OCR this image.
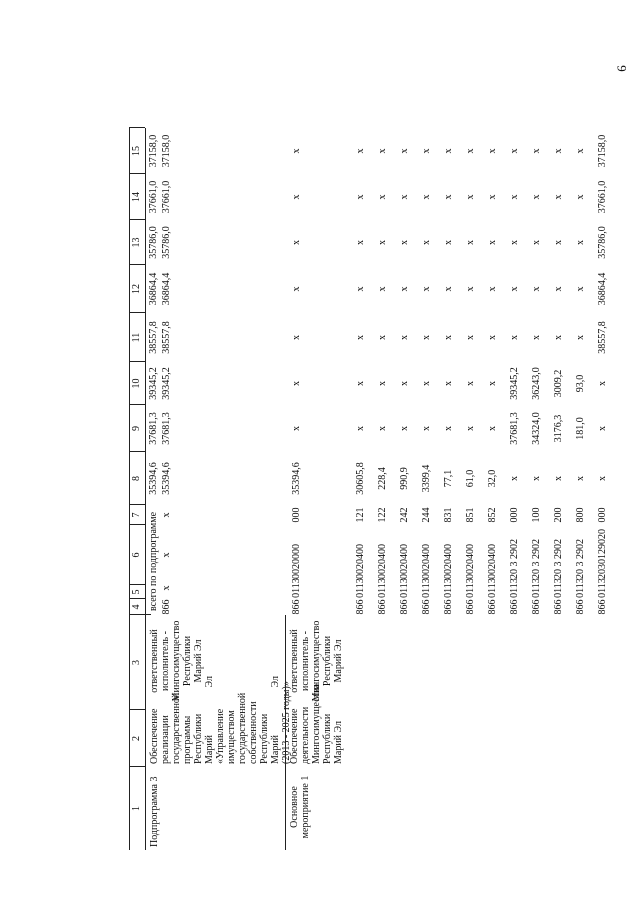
9
1
2
3
4
5
6
7
8
9
10
11
12
13
14
15
Подпрограмма 3
Обеспечение
реализации
государственной
программы
Республики
Марий                   Эл
«Управление
имуществом
государственной
собственности
Республики
Марий                   Эл
(2013 - 2025 годы)»
ответственный
исполнитель -
Мингосимущество
Республики
Марий Эл
всего по подпрограмме
35394,6
37681,3
39345,2
38557,8
36864,4
35786,0
37661,0
37158,0
866
x
x
x
35394,6
37681,3
39345,2
38557,8
36864,4
35786,0
37661,0
37158,0
Основное
мероприятие 1
Обеспечение
деятельности
Мингосимущества
Республики
Марий Эл
ответственный
исполнитель -
Мингосимущество
Республики
Марий Эл
866
0113
0020000
000
35394,6
x
x
x
x
x
x
x
866
0113
0020400
121
30605,8
x
x
x
x
x
x
x
866
0113
0020400
122
228,4
x
x
x
x
x
x
x
866
0113
0020400
242
990,9
x
x
x
x
x
x
x
866
0113
0020400
244
3399,4
x
x
x
x
x
x
x
866
0113
0020400
831
77,1
x
x
x
x
x
x
x
866
0113
0020400
851
61,0
x
x
x
x
x
x
x
866
0113
0020400
852
32,0
x
x
x
x
x
x
x
866
0113
20 3 2902
000
x
37681,3
39345,2
x
x
x
x
x
866
0113
20 3 2902
100
x
34324,0
36243,0
x
x
x
x
x
866
0113
20 3 2902
200
x
3176,3
3009,2
x
x
x
x
x
866
0113
20 3 2902
800
x
181,0
93,0
x
x
x
x
x
866
0113
2030129020
000
x
x
x
38557,8
36864,4
35786,0
37661,0
37158,0
